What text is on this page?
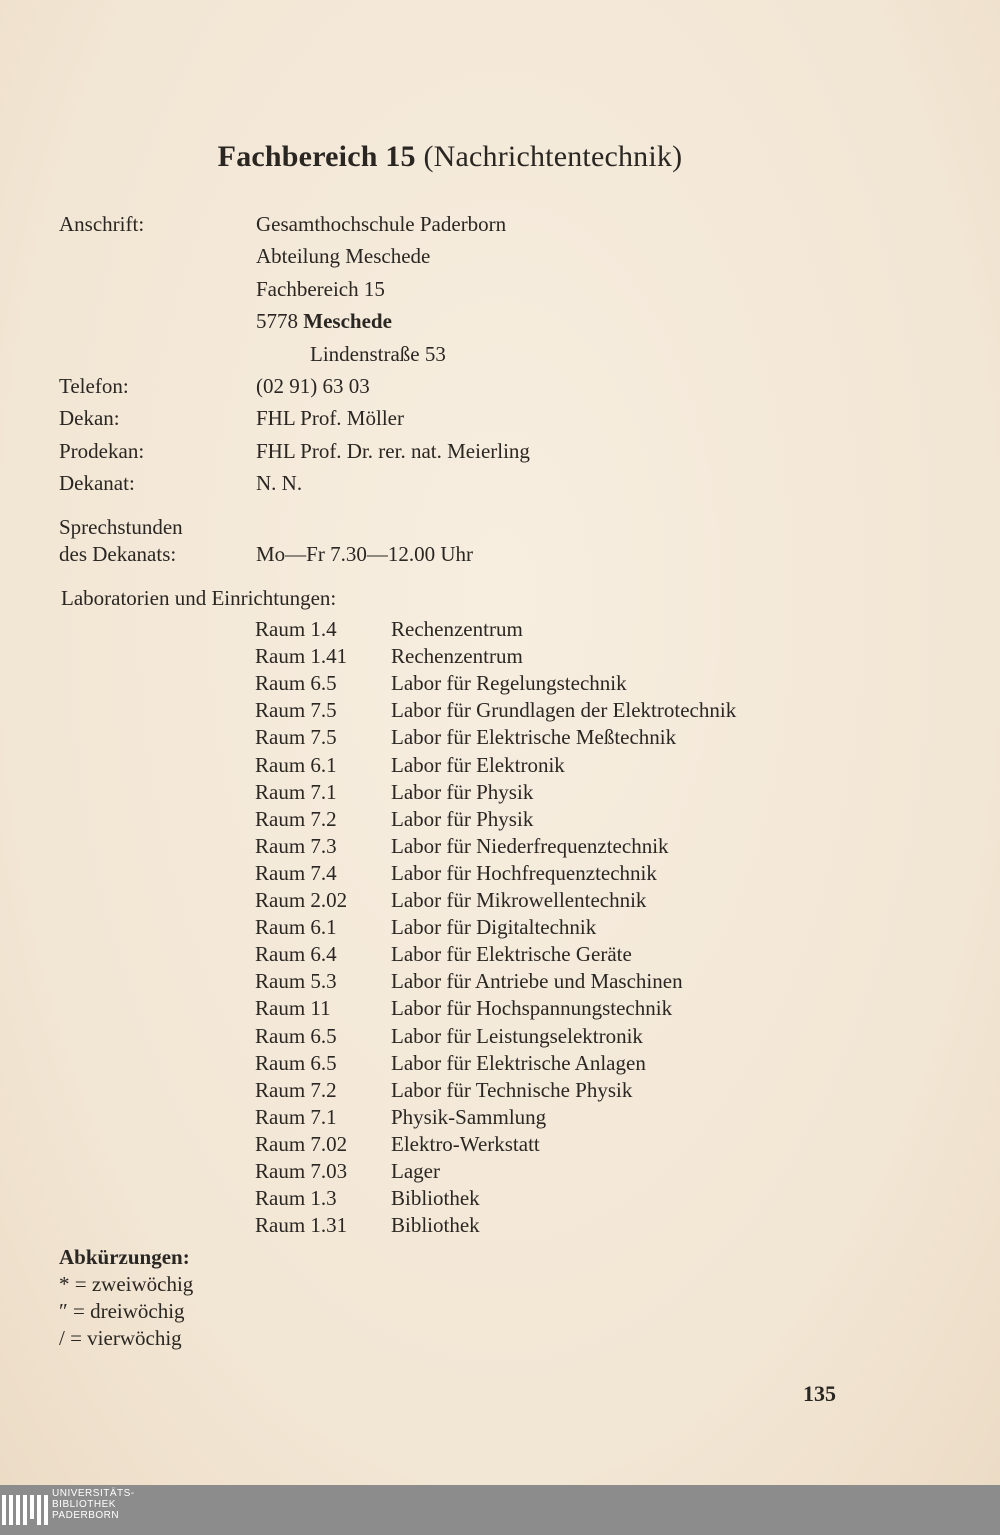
Fachbereich 15 (Nachrichtentechnik)
Anschrift:	Gesamthochschule Paderborn
Abteilung Meschede
Fachbereich 15
5778 Meschede
Lindenstraße 53
Telefon:	(02 91) 63 03
Dekan:	FHL Prof. Möller
Prodekan:	FHL Prof. Dr. rer. nat. Meierling
Dekanat:	N. N.
Sprechstunden
des Dekanats:	Mo—Fr 7.30—12.00 Uhr
Laboratorien und Einrichtungen:
Raum 1.4	Rechenzentrum
Raum 1.41 Rechenzentrum
Raum 6.5	Labor für Regelungstechnik
Raum 7.5	Labor für Grundlagen der Elektrotechnik
Raum 7.5	Labor für Elektrische Meßtechnik
Raum 6.1	Labor für Elektronik
Raum 7.1	Labor für Physik
Raum 7.2	Labor für Physik
Raum 7.3	Labor für Niederfrequenztechnik
Raum 7.4	Labor für Hochfrequenztechnik
Raum 2.02 Labor für Mikrowellentechnik
Raum 6.1	Labor für Digitaltechnik
Raum 6.4	Labor für Elektrische Geräte
Raum 5.3	Labor für Antriebe und Maschinen
Raum 11	Labor für Hochspannungstechnik
Raum 6.5	Labor für Leistungselektronik
Raum 6.5	Labor für Elektrische Anlagen
Raum 7.2	Labor für Technische Physik
Raum 7.1	Physik-Sammlung
Raum 7.02 Elektro-Werkstatt
Raum 7.03 Lager
Raum 1.3	Bibliothek
Raum 1.31 Bibliothek
Abkürzungen:
* = zweiwöchig
″ = dreiwöchig
/ = vierwöchig
135
UNIVERSITÄTS-
BIBLIOTHEK
PADERBORN
